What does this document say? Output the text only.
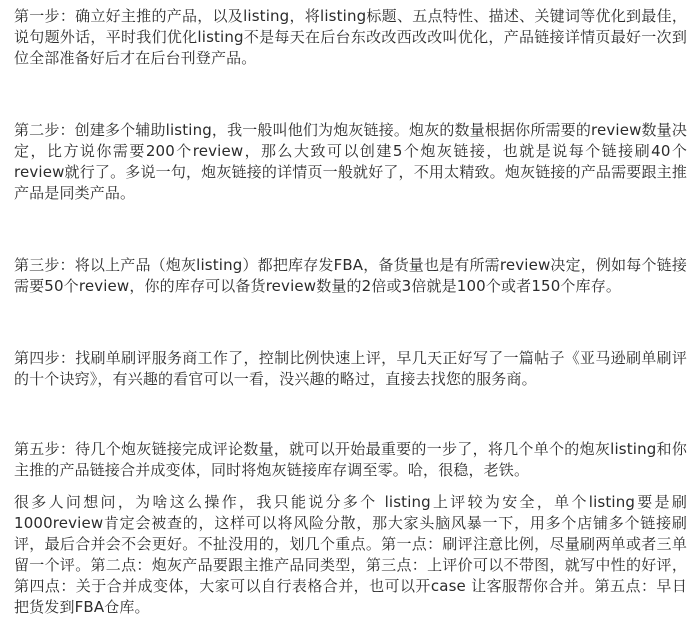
第一步：确立好主推的产品，以及listing，将listing标题、五点特性、描述、关键词等优化到最佳，说句题外话，平时我们优化listing不是每天在后台东改改西改改叫优化，产品链接详情页最好一次到位全部准备好后才在后台刊登产品。

第二步：创建多个辅助listing，我一般叫他们为炮灰链接。炮灰的数量根据你所需要的review数量决定，比方说你需要200个review，那么大致可以创建5个炮灰链接，也就是说每个链接刷40个review就行了。多说一句，炮灰链接的详情页一般就好了，不用太精致。炮灰链接的产品需要跟主推产品是同类产品。

第三步：将以上产品（炮灰listing）都把库存发FBA，备货量也是有所需review决定，例如每个链接需要50个review，你的库存可以备货review数量的2倍或3倍就是100个或者150个库存。

第四步：找刷单刷评服务商工作了，控制比例快速上评，早几天正好写了一篇帖子《亚马逊刷单刷评的十个诀窍》，有兴趣的看官可以一看，没兴趣的略过，直接去找您的服务商。

第五步：待几个炮灰链接完成评论数量，就可以开始最重要的一步了，将几个单个的炮灰listing和你主推的产品链接合并成变体，同时将炮灰链接库存调至零。哈，很稳，老铁。

很多人问想问，为啥这么操作，我只能说分多个 listing上评较为安全，单个listing要是刷1000review肯定会被查的，这样可以将风险分散，那大家头脑风暴一下，用多个店铺多个链接刷评，最后合并会不会更好。不扯没用的，划几个重点。第一点：刷评注意比例，尽量刷两单或者三单留一个评。第二点：炮灰产品要跟主推产品同类型，第三点：上评价可以不带图，就写中性的好评，第四点：关于合并成变体，大家可以自行表格合并，也可以开case 让客服帮你合并。第五点：早日把货发到FBA仓库。
